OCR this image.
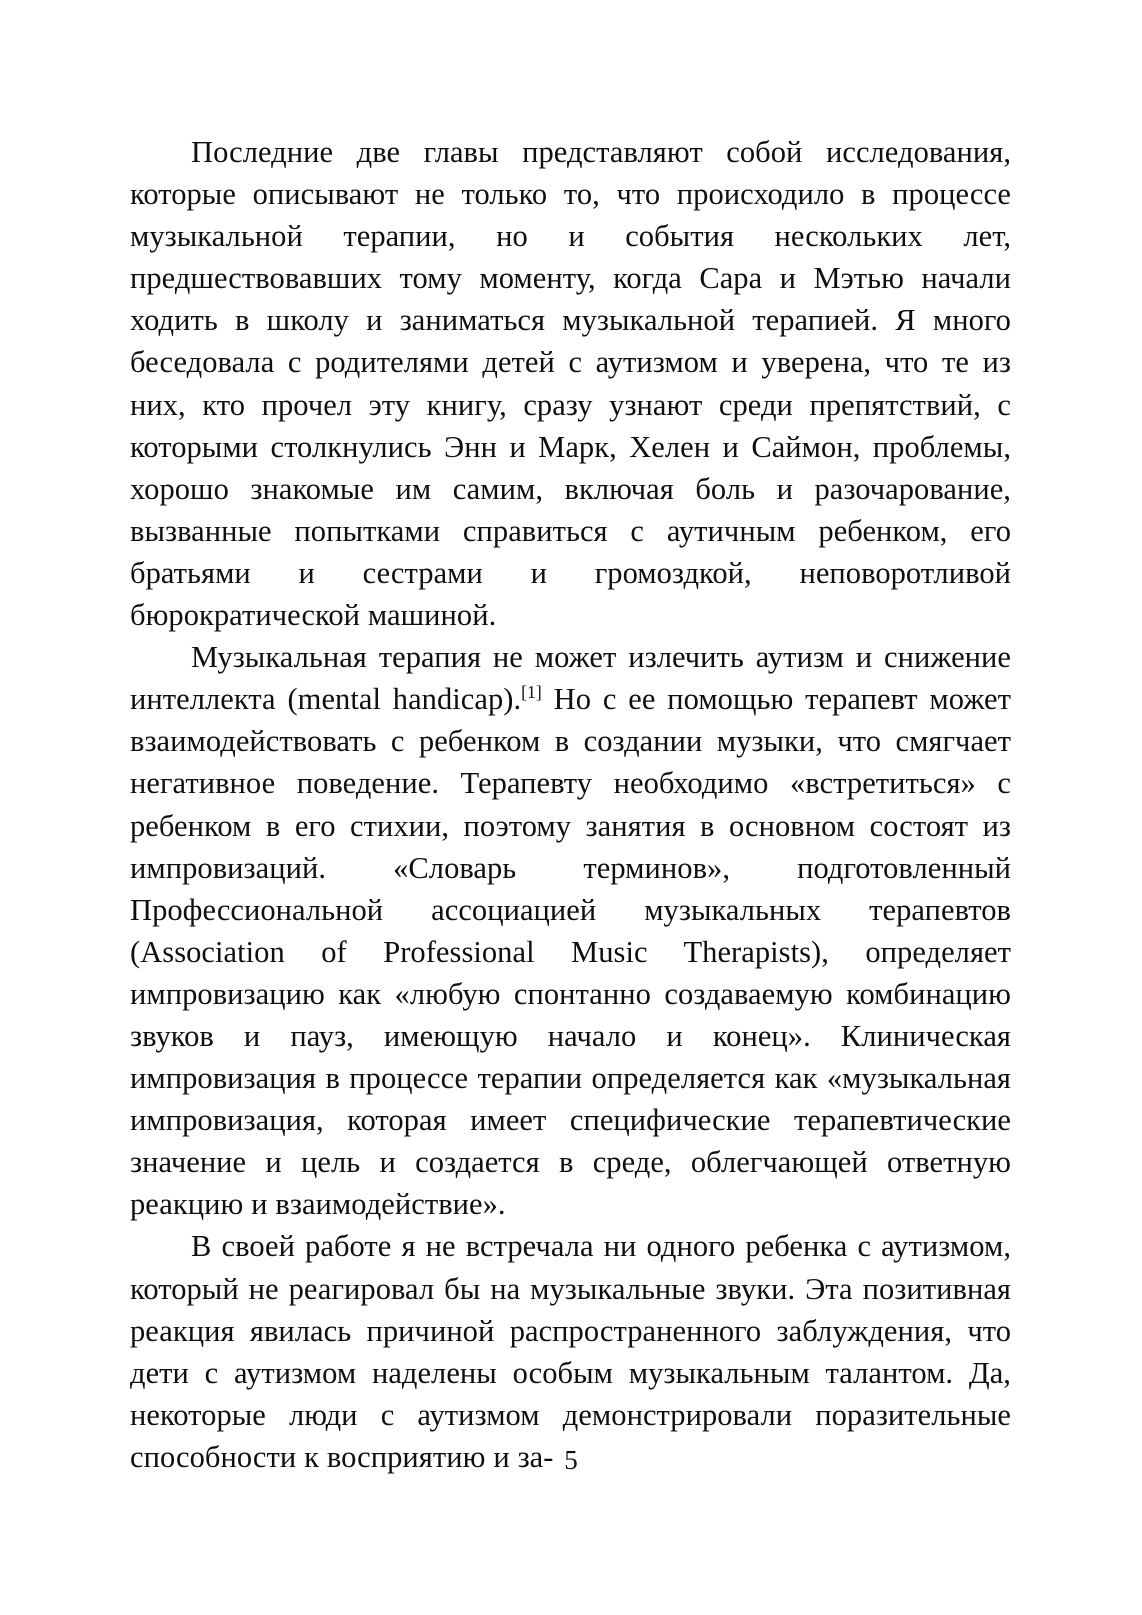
Последние две главы представляют собой исследования, которые описывают не только то, что происходило в процессе музыкальной терапии, но и события нескольких лет, предшествовавших тому моменту, когда Сара и Мэтью начали ходить в школу и заниматься музыкальной терапией. Я много беседовала с родителями детей с аутизмом и уверена, что те из них, кто прочел эту книгу, сразу узнают среди препятствий, с которыми столкнулись Энн и Марк, Хелен и Саймон, проблемы, хорошо знакомые им самим, включая боль и разочарование, вызванные попытками справиться с аутичным ребенком, его братьями и сестрами и громоздкой, неповоротливой бюрократической машиной.

Музыкальная терапия не может излечить аутизм и снижение интеллекта (mental handicap).[1] Но с ее помощью терапевт может взаимодействовать с ребенком в создании музыки, что смягчает негативное поведение. Терапевту необходимо «встретиться» с ребенком в его стихии, поэтому занятия в основном состоят из импровизаций. «Словарь терминов», подготовленный Профессиональной ассоциацией музыкальных терапевтов (Association of Professional Music Therapists), определяет импровизацию как «любую спонтанно создаваемую комбинацию звуков и пауз, имеющую начало и конец». Клиническая импровизация в процессе терапии определяется как «музыкальная импровизация, которая имеет специфические терапевтические значение и цель и создается в среде, облегчающей ответную реакцию и взаимодействие».

В своей работе я не встречала ни одного ребенка с аутизмом, который не реагировал бы на музыкальные звуки. Эта позитивная реакция явилась причиной распространенного заблуждения, что дети с аутизмом наделены особым музыкальным талантом. Да, некоторые люди с аутизмом демонстрировали поразительные способности к восприятию и за- 5
